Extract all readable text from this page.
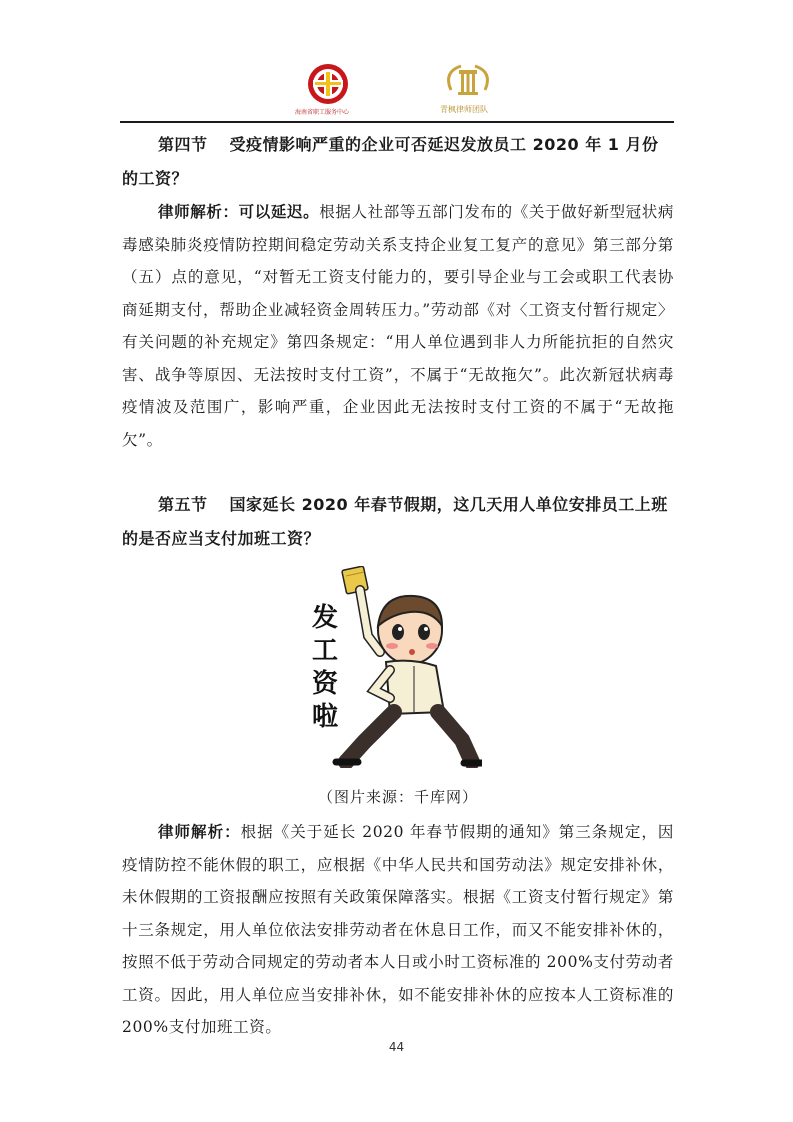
海南省职工服务中心	青枫律师团队

第四节 受疫情影响严重的企业可否延迟发放员工 2020 年 1 月份的工资？

律师解析：可以延迟。根据人社部等五部门发布的《关于做好新型冠状病毒感染肺炎疫情防控期间稳定劳动关系支持企业复工复产的意见》第三部分第（五）点的意见，“对暂无工资支付能力的，要引导企业与工会或职工代表协商延期支付，帮助企业减轻资金周转压力。”劳动部《对〈工资支付暂行规定〉有关问题的补充规定》第四条规定：“用人单位遇到非人力所能抗拒的自然灾害、战争等原因、无法按时支付工资”，不属于“无故拖欠”。此次新冠状病毒疫情波及范围广，影响严重，企业因此无法按时支付工资的不属于“无故拖欠”。

第五节 国家延长 2020 年春节假期，这几天用人单位安排员工上班的是否应当支付加班工资？

发工资啦

（图片来源：千库网）

律师解析：根据《关于延长 2020 年春节假期的通知》第三条规定，因疫情防控不能休假的职工，应根据《中华人民共和国劳动法》规定安排补休，未休假期的工资报酬应按照有关政策保障落实。根据《工资支付暂行规定》第十三条规定，用人单位依法安排劳动者在休息日工作，而又不能安排补休的，按照不低于劳动合同规定的劳动者本人日或小时工资标准的 200%支付劳动者工资。因此，用人单位应当安排补休，如不能安排补休的应按本人工资标准的 200%支付加班工资。

44
